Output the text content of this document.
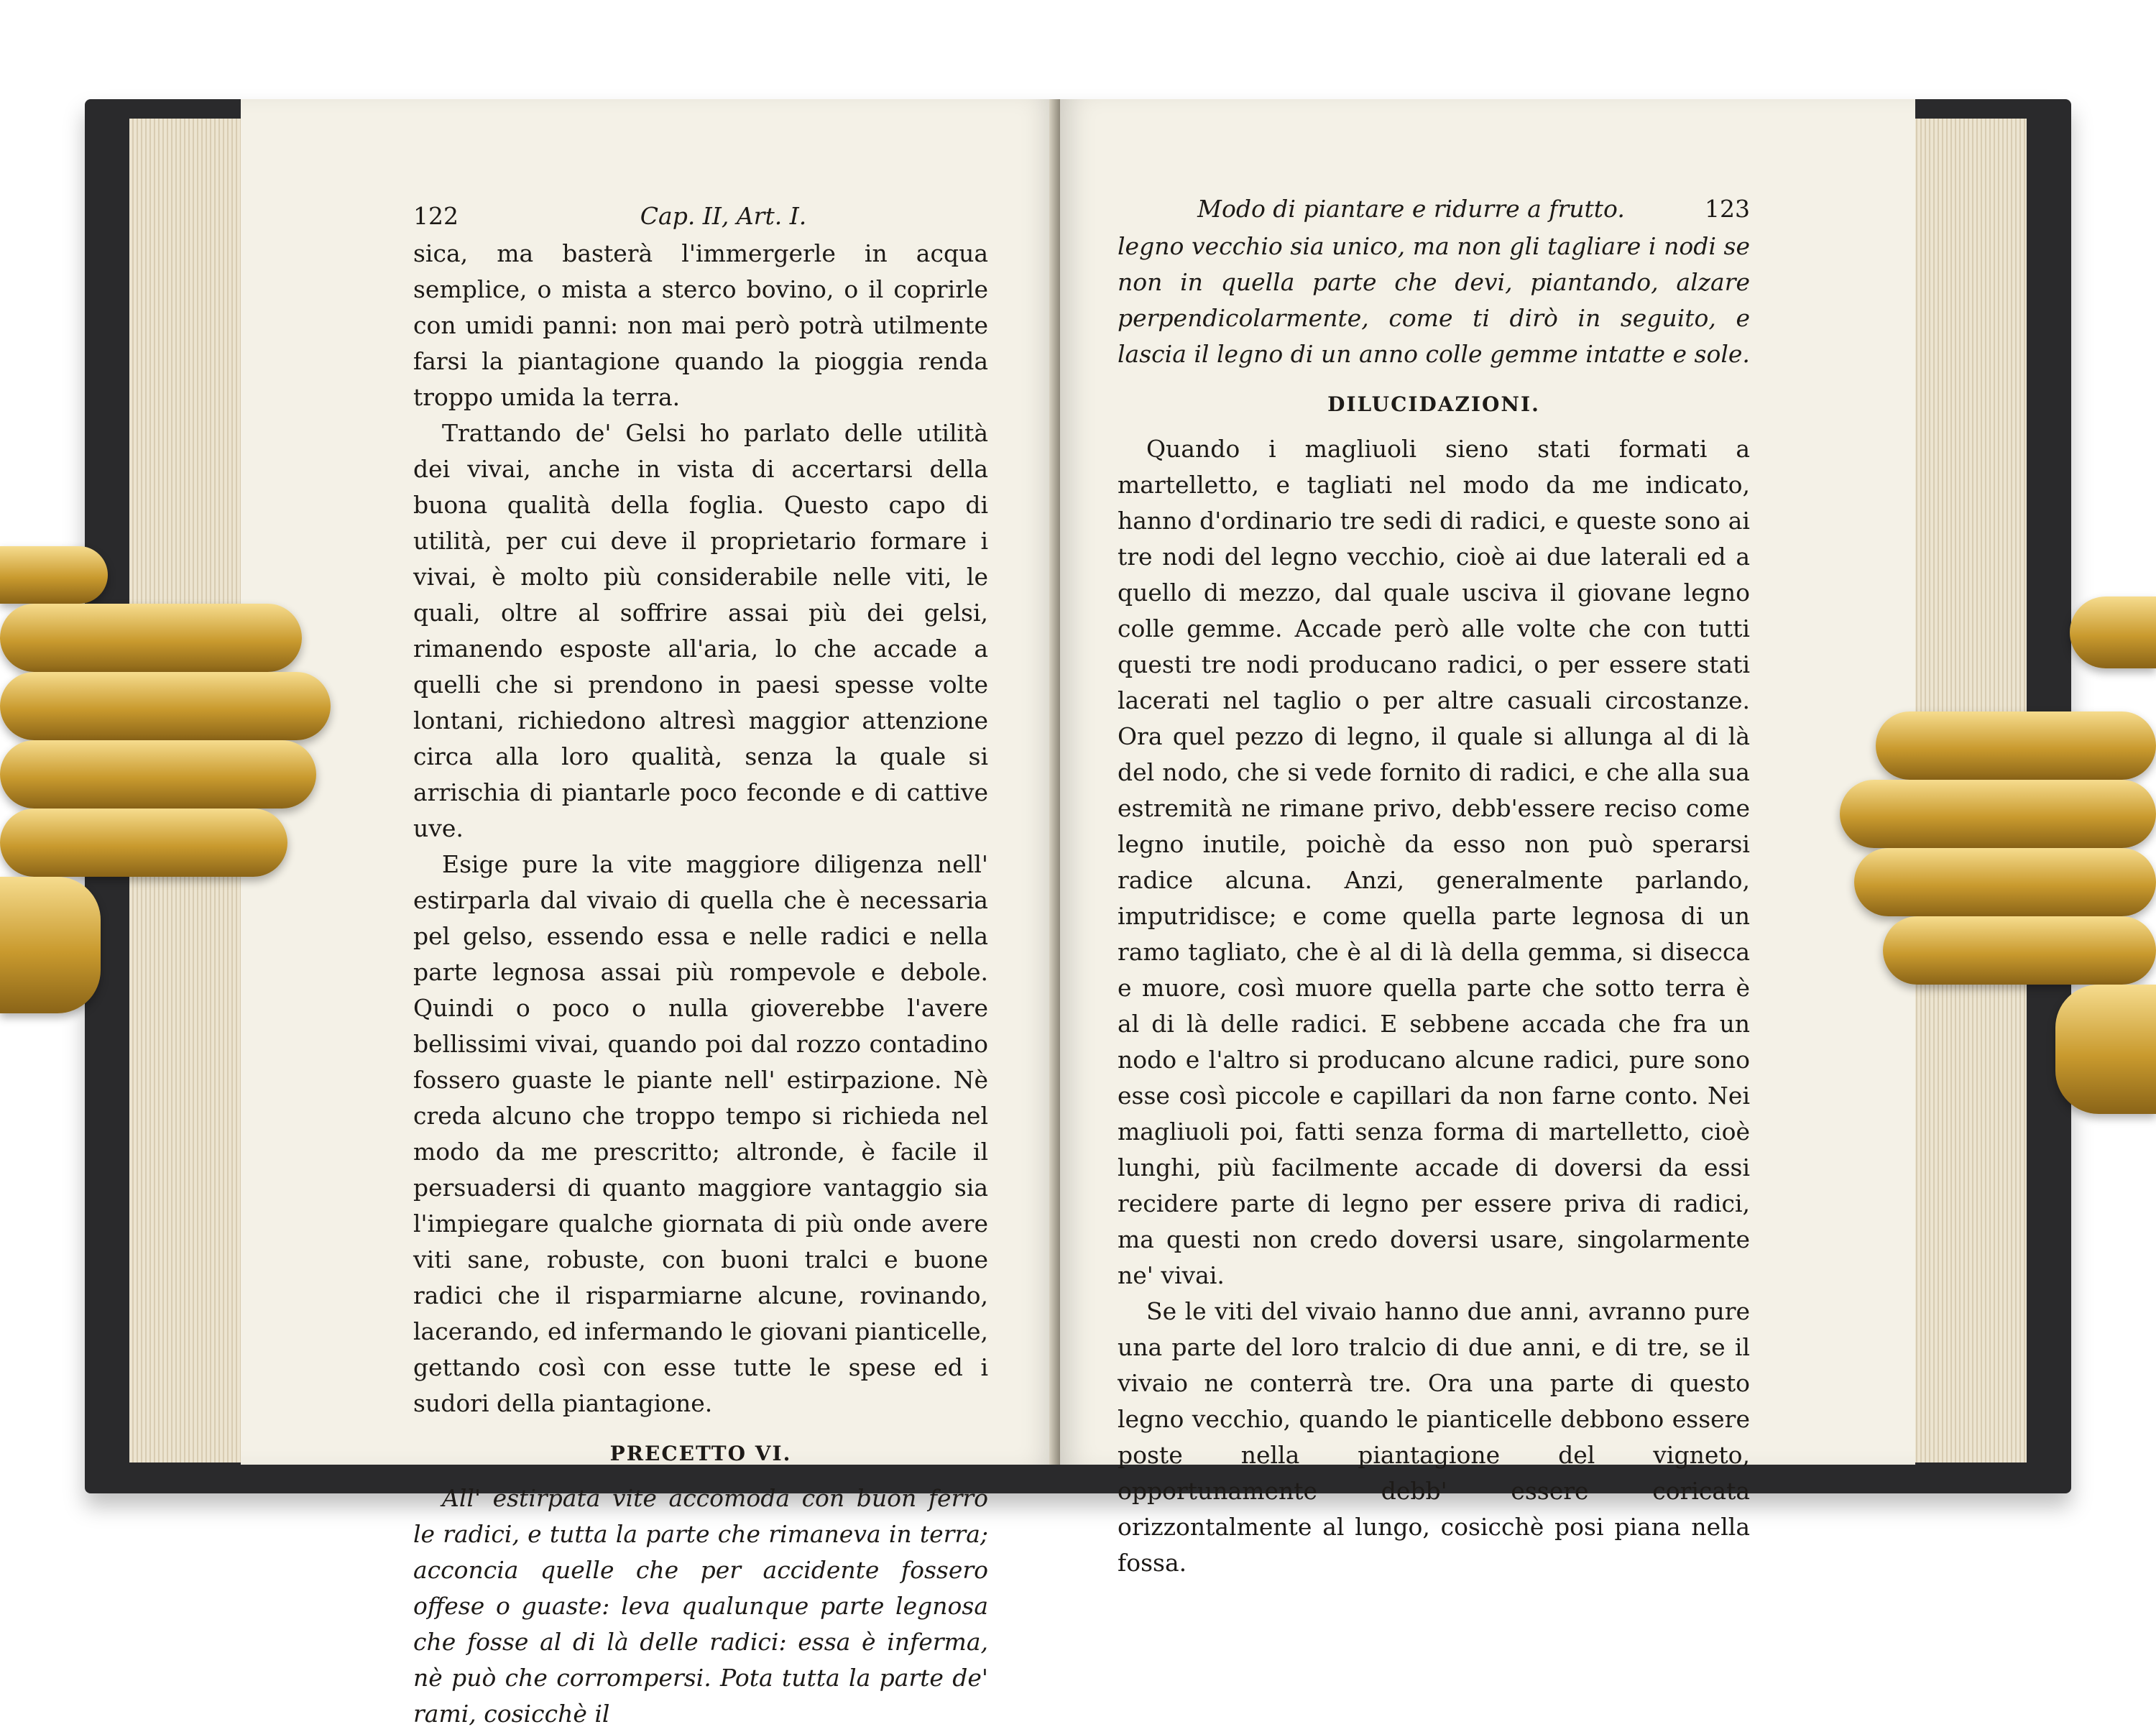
122	Cap. II, Art. I.

sica, ma basterà l'immergerle in acqua semplice, o mista a sterco bovino, o il coprirle con umidi panni: non mai però potrà utilmente farsi la piantagione quando la pioggia renda troppo umida la terra.

Trattando de' Gelsi ho parlato delle utilità dei vivai, anche in vista di accertarsi della buona qualità della foglia. Questo capo di utilità, per cui deve il proprietario formare i vivai, è molto più considerabile nelle viti, le quali, oltre al soffrire assai più dei gelsi, rimanendo esposte all'aria, lo che accade a quelli che si prendono in paesi spesse volte lontani, richiedono altresì maggior attenzione circa alla loro qualità, senza la quale si arrischia di piantarle poco feconde e di cattive uve.

Esige pure la vite maggiore diligenza nell' estirparla dal vivaio di quella che è necessaria pel gelso, essendo essa e nelle radici e nella parte legnosa assai più rompevole e debole. Quindi o poco o nulla gioverebbe l'avere bellissimi vivai, quando poi dal rozzo contadino fossero guaste le piante nell' estirpazione. Nè creda alcuno che troppo tempo si richieda nel modo da me prescritto; altronde, è facile il persuadersi di quanto maggiore vantaggio sia l'impiegare qualche giornata di più onde avere viti sane, robuste, con buoni tralci e buone radici che il risparmiarne alcune, rovinando, lacerando, ed infermando le giovani pianticelle, gettando così con esse tutte le spese ed i sudori della piantagione.

PRECETTO VI.

All' estirpata vite accomoda con buon ferro le radici, e tutta la parte che rimaneva in terra; acconcia quelle che per accidente fossero offese o guaste: leva qualunque parte legnosa che fosse al di là delle radici: essa è inferma, nè può che corrompersi. Pota tutta la parte de' rami, cosicchè il

Modo di piantare e ridurre a frutto.	123

legno vecchio sia unico, ma non gli tagliare i nodi se non in quella parte che devi, piantando, alzare perpendicolarmente, come ti dirò in seguito, e lascia il legno di un anno colle gemme intatte e sole.

DILUCIDAZIONI.

Quando i magliuoli sieno stati formati a martelletto, e tagliati nel modo da me indicato, hanno d'ordinario tre sedi di radici, e queste sono ai tre nodi del legno vecchio, cioè ai due laterali ed a quello di mezzo, dal quale usciva il giovane legno colle gemme. Accade però alle volte che con tutti questi tre nodi producano radici, o per essere stati lacerati nel taglio o per altre casuali circostanze. Ora quel pezzo di legno, il quale si allunga al di là del nodo, che si vede fornito di radici, e che alla sua estremità ne rimane privo, debb'essere reciso come legno inutile, poichè da esso non può sperarsi radice alcuna. Anzi, generalmente parlando, imputridisce; e come quella parte legnosa di un ramo tagliato, che è al di là della gemma, si disecca e muore, così muore quella parte che sotto terra è al di là delle radici. E sebbene accada che fra un nodo e l'altro si producano alcune radici, pure sono esse così piccole e capillari da non farne conto. Nei magliuoli poi, fatti senza forma di martelletto, cioè lunghi, più facilmente accade di doversi da essi recidere parte di legno per essere priva di radici, ma questi non credo doversi usare, singolarmente ne' vivai.

Se le viti del vivaio hanno due anni, avranno pure una parte del loro tralcio di due anni, e di tre, se il vivaio ne conterrà tre. Ora una parte di questo legno vecchio, quando le pianticelle debbono essere poste nella piantagione del vigneto, opportunamente debb' essere coricata orizzontalmente al lungo, cosicchè posi piana nella fossa.
